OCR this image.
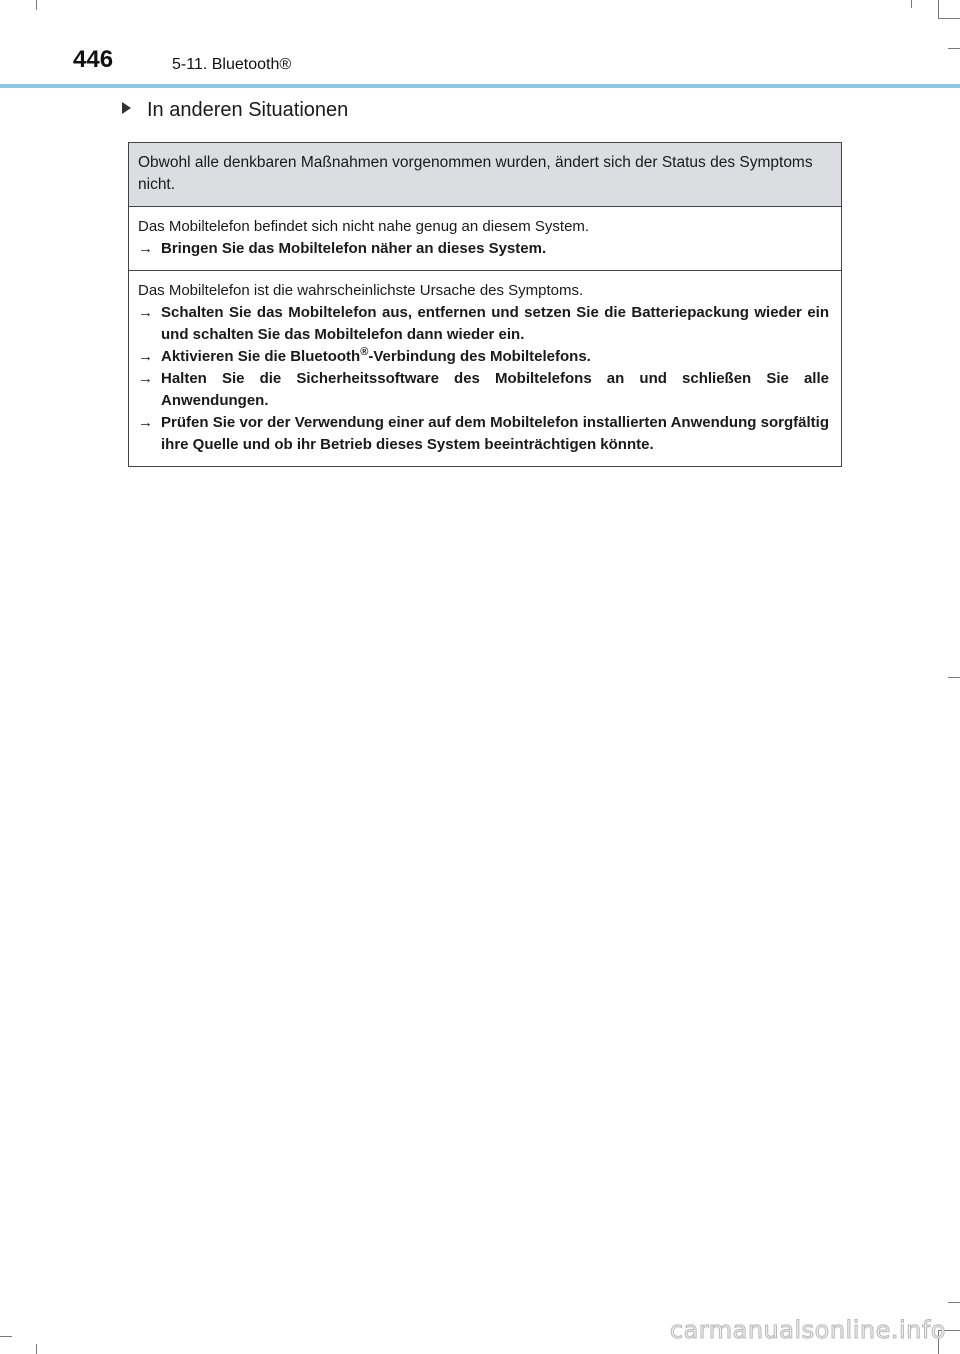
446	5-11. Bluetooth®
In anderen Situationen
Obwohl alle denkbaren Maßnahmen vorgenommen wurden, ändert sich der Status des Symptoms nicht.
Das Mobiltelefon befindet sich nicht nahe genug an diesem System.
→ Bringen Sie das Mobiltelefon näher an dieses System.
Das Mobiltelefon ist die wahrscheinlichste Ursache des Symptoms.
→ Schalten Sie das Mobiltelefon aus, entfernen und setzen Sie die Batteriepackung wieder ein und schalten Sie das Mobiltelefon dann wieder ein.
→ Aktivieren Sie die Bluetooth®-Verbindung des Mobiltelefons.
→ Halten Sie die Sicherheitssoftware des Mobiltelefons an und schließen Sie alle Anwendungen.
→ Prüfen Sie vor der Verwendung einer auf dem Mobiltelefon installierten Anwendung sorgfältig ihre Quelle und ob ihr Betrieb dieses System beeinträchtigen könnte.
carmanualsonline.info
